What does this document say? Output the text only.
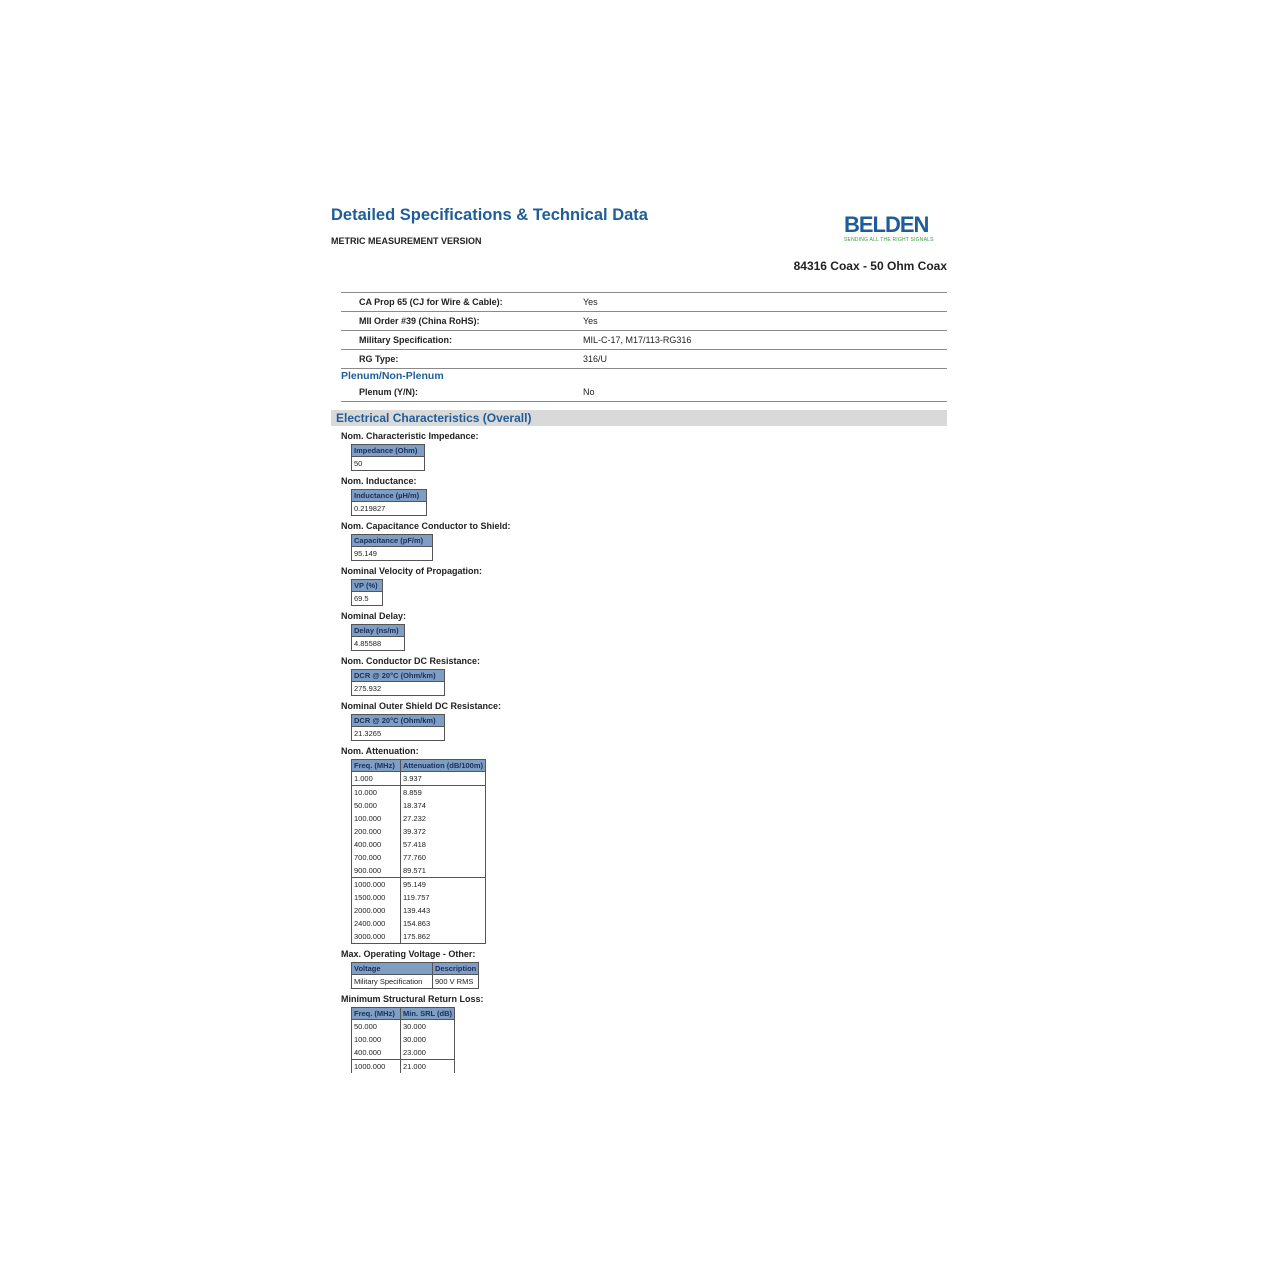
Detailed Specifications & Technical Data
METRIC MEASUREMENT VERSION
BELDEN
SENDING ALL THE RIGHT SIGNALS
84316 Coax - 50 Ohm Coax
CA Prop 65 (CJ for Wire & Cable):	Yes
MII Order #39 (China RoHS):	Yes
Military Specification:	MIL-C-17, M17/113-RG316
RG Type:	316/U
Plenum/Non-Plenum
Plenum (Y/N):	No
Electrical Characteristics (Overall)
Nom. Characteristic Impedance:
Impedance (Ohm)
50
Nom. Inductance:
Inductance (µH/m)
0.219827
Nom. Capacitance Conductor to Shield:
Capacitance (pF/m)
95.149
Nominal Velocity of Propagation:
VP (%)
69.5
Nominal Delay:
Delay (ns/m)
4.85588
Nom. Conductor DC Resistance:
DCR @ 20°C (Ohm/km)
275.932
Nominal Outer Shield DC Resistance:
DCR @ 20°C (Ohm/km)
21.3265
Nom. Attenuation:
Freq. (MHz)	Attenuation (dB/100m)
1.000	3.937
10.000	8.859
50.000	18.374
100.000	27.232
200.000	39.372
400.000	57.418
700.000	77.760
900.000	89.571
1000.000	95.149
1500.000	119.757
2000.000	139.443
2400.000	154.863
3000.000	175.862
Max. Operating Voltage - Other:
Voltage	Description
Military Specification	900 V RMS
Minimum Structural Return Loss:
Freq. (MHz)	Min. SRL (dB)
50.000	30.000
100.000	30.000
400.000	23.000
1000.000	21.000
